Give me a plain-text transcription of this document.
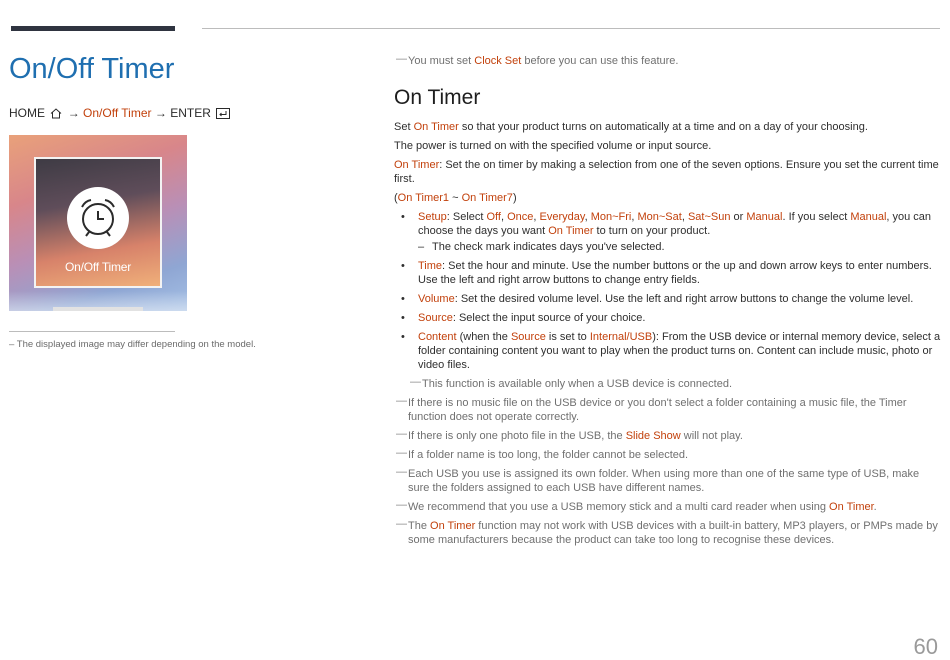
On/Off Timer
HOME → On/Off Timer → ENTER
On/Off Timer
– The displayed image may differ depending on the model.
— You must set Clock Set before you can use this feature.
On Timer
Set On Timer so that your product turns on automatically at a time and on a day of your choosing.
The power is turned on with the specified volume or input source.
On Timer: Set the on timer by making a selection from one of the seven options. Ensure you set the current time first.
(On Timer1 ~ On Timer7)
• Setup: Select Off, Once, Everyday, Mon~Fri, Mon~Sat, Sat~Sun or Manual. If you select Manual, you can choose the days you want On Timer to turn on your product.
– The check mark indicates days you've selected.
• Time: Set the hour and minute. Use the number buttons or the up and down arrow keys to enter numbers. Use the left and right arrow buttons to change entry fields.
• Volume: Set the desired volume level. Use the left and right arrow buttons to change the volume level.
• Source: Select the input source of your choice.
• Content (when the Source is set to Internal/USB): From the USB device or internal memory device, select a folder containing content you want to play when the product turns on. Content can include music, photo or video files.
— This function is available only when a USB device is connected.
— If there is no music file on the USB device or you don't select a folder containing a music file, the Timer function does not operate correctly.
— If there is only one photo file in the USB, the Slide Show will not play.
— If a folder name is too long, the folder cannot be selected.
— Each USB you use is assigned its own folder. When using more than one of the same type of USB, make sure the folders assigned to each USB have different names.
— We recommend that you use a USB memory stick and a multi card reader when using On Timer.
— The On Timer function may not work with USB devices with a built-in battery, MP3 players, or PMPs made by some manufacturers because the product can take too long to recognise these devices.
60
